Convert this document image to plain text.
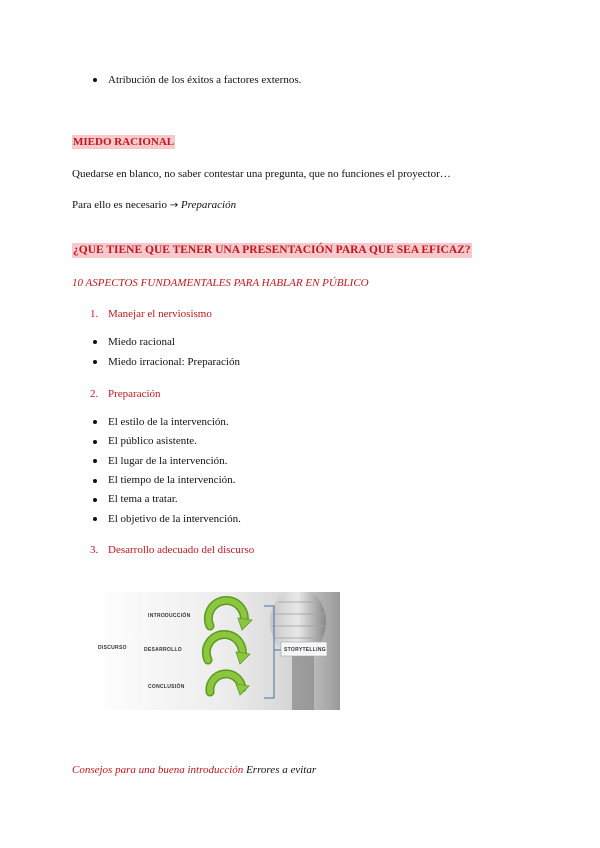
Atribución de los éxitos a factores externos.
MIEDO RACIONAL
Quedarse en blanco, no saber contestar una pregunta, que no funciones el proyector…
Para ello es necesario → Preparación
¿QUE TIENE QUE TENER UNA PRESENTACIÓN PARA QUE SEA EFICAZ?
10 ASPECTOS FUNDAMENTALES PARA HABLAR EN PÚBLICO
1. Manejar el nerviosismo
Miedo racional
Miedo irracional: Preparación
2. Preparación
El estilo de la intervención.
El público asistente.
El lugar de la intervención.
El tiempo de la intervención.
El tema a tratar.
El objetivo de la intervención.
3. Desarrollo adecuado del discurso
DISCURSO
INTRODUCCIÓN
DESARROLLO
CONCLUSIÓN
STORYTELLING
Consejos para una buena introducción Errores a evitar
